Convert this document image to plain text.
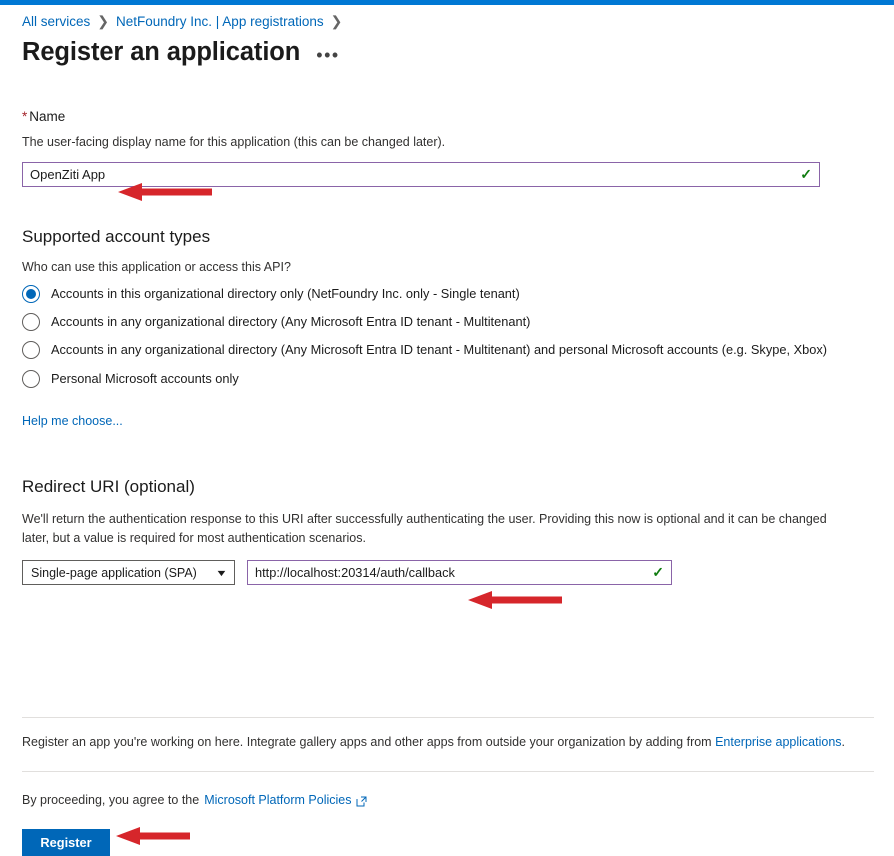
All services ❯ NetFoundry Inc. | App registrations ❯
Register an application •••
* Name
The user-facing display name for this application (this can be changed later).
OpenZiti App
✓
Supported account types
Who can use this application or access this API?
Accounts in this organizational directory only (NetFoundry Inc. only - Single tenant)
Accounts in any organizational directory (Any Microsoft Entra ID tenant - Multitenant)
Accounts in any organizational directory (Any Microsoft Entra ID tenant - Multitenant) and personal Microsoft accounts (e.g. Skype, Xbox)
Personal Microsoft accounts only
Help me choose...
Redirect URI (optional)
We'll return the authentication response to this URI after successfully authenticating the user. Providing this now is optional and it can be changed later, but a value is required for most authentication scenarios.
Single-page application (SPA) ▼
http://localhost:20314/auth/callback	✓
Register an app you're working on here. Integrate gallery apps and other apps from outside your organization by adding from Enterprise applications.
By proceeding, you agree to the Microsoft Platform Policies
Register
